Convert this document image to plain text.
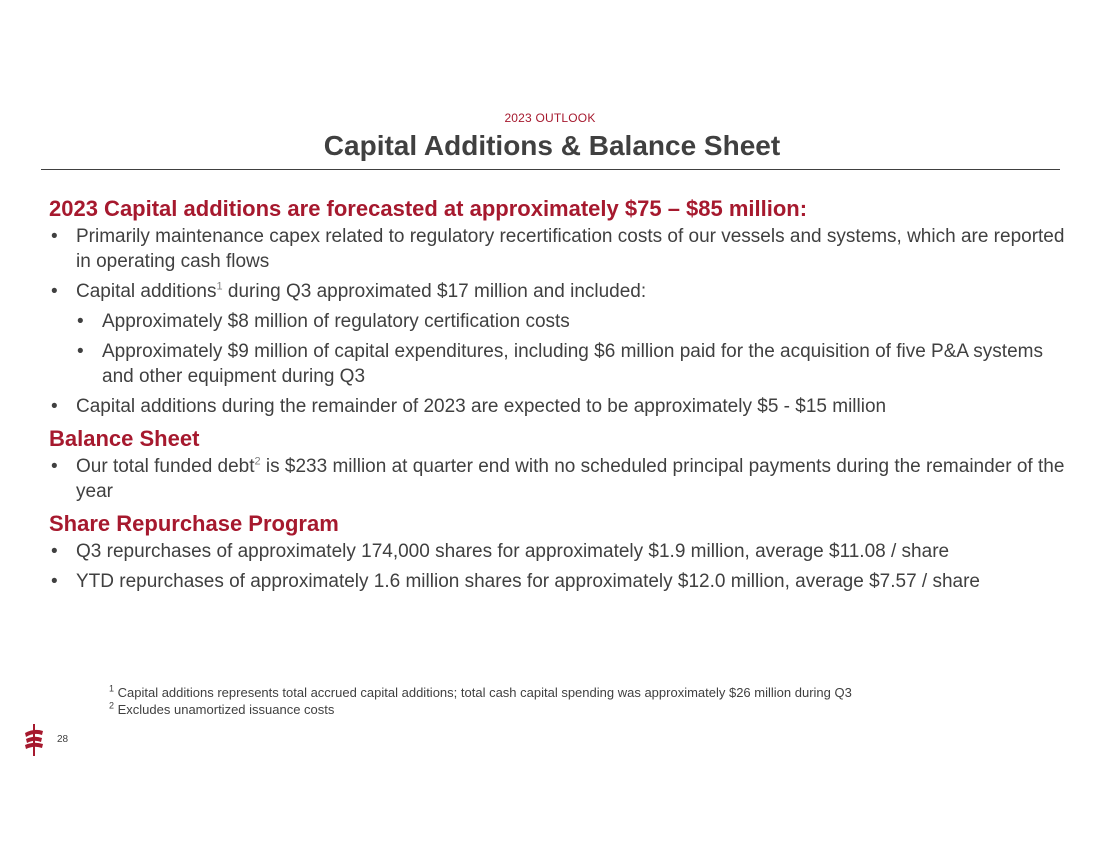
2023 OUTLOOK
Capital Additions & Balance Sheet

2023 Capital additions are forecasted at approximately $75 – $85 million:

• Primarily maintenance capex related to regulatory recertification costs of our vessels and systems, which are reported in operating cash flows
• Capital additions$^1$ during Q3 approximated $17 million and included:
• Approximately $8 million of regulatory certification costs
• Approximately $9 million of capital expenditures, including $6 million paid for the acquisition of five P&A systems and other equipment during Q3
• Capital additions during the remainder of 2023 are expected to be approximately $5 - $15 million

Balance Sheet

• Our total funded debt$^2$ is $233 million at quarter end with no scheduled principal payments during the remainder of the year

Share Repurchase Program

• Q3 repurchases of approximately 174,000 shares for approximately $1.9 million, average $11.08 / share
• YTD repurchases of approximately 1.6 million shares for approximately $12.0 million, average $7.57 / share
$^1$ Capital additions represents total accrued capital additions; total cash capital spending was approximately $26 million during Q3
$^2$ Excludes unamortized issuance costs
28
